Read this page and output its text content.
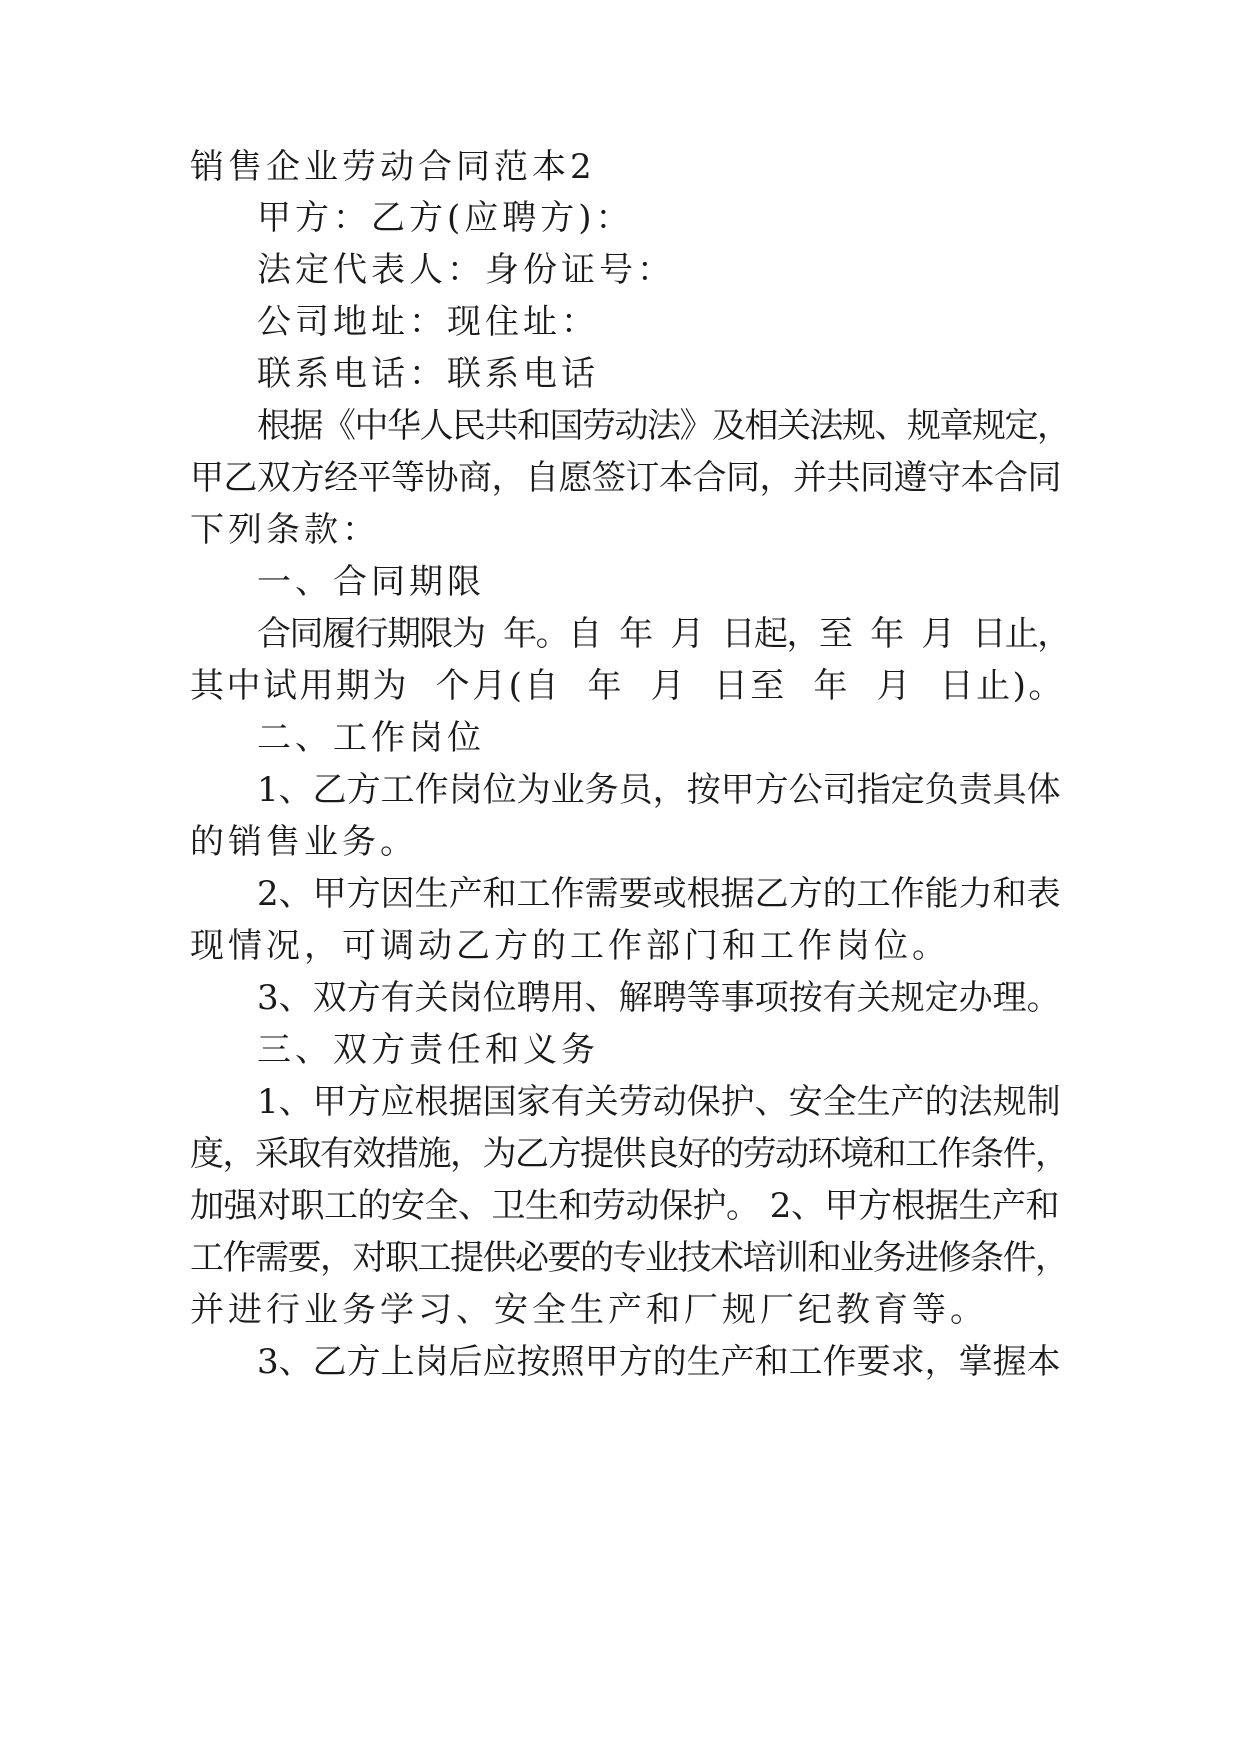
销售企业劳动合同范本2
甲方：乙方(应聘方)：
法定代表人：身份证号：
公司地址：现住址：
联系电话：联系电话
根据《中华人民共和国劳动法》及相关法规、规章规定，
甲乙双方经平等协商，自愿签订本合同，并共同遵守本合同
下列条款：
一、合同期限
合同履行期限为  年。自  年  月  日起，至  年  月  日止，
其中试用期为  个月(自  年  月  日至  年  月  日止)。
二、工作岗位
1、乙方工作岗位为业务员，按甲方公司指定负责具体
的销售业务。
2、甲方因生产和工作需要或根据乙方的工作能力和表
现情况，可调动乙方的工作部门和工作岗位。
3、双方有关岗位聘用、解聘等事项按有关规定办理。
三、双方责任和义务
1、甲方应根据国家有关劳动保护、安全生产的法规制
度，采取有效措施，为乙方提供良好的劳动环境和工作条件，
加强对职工的安全、卫生和劳动保护。 2、甲方根据生产和
工作需要，对职工提供必要的专业技术培训和业务进修条件，
并进行业务学习、安全生产和厂规厂纪教育等。
3、乙方上岗后应按照甲方的生产和工作要求，掌握本
